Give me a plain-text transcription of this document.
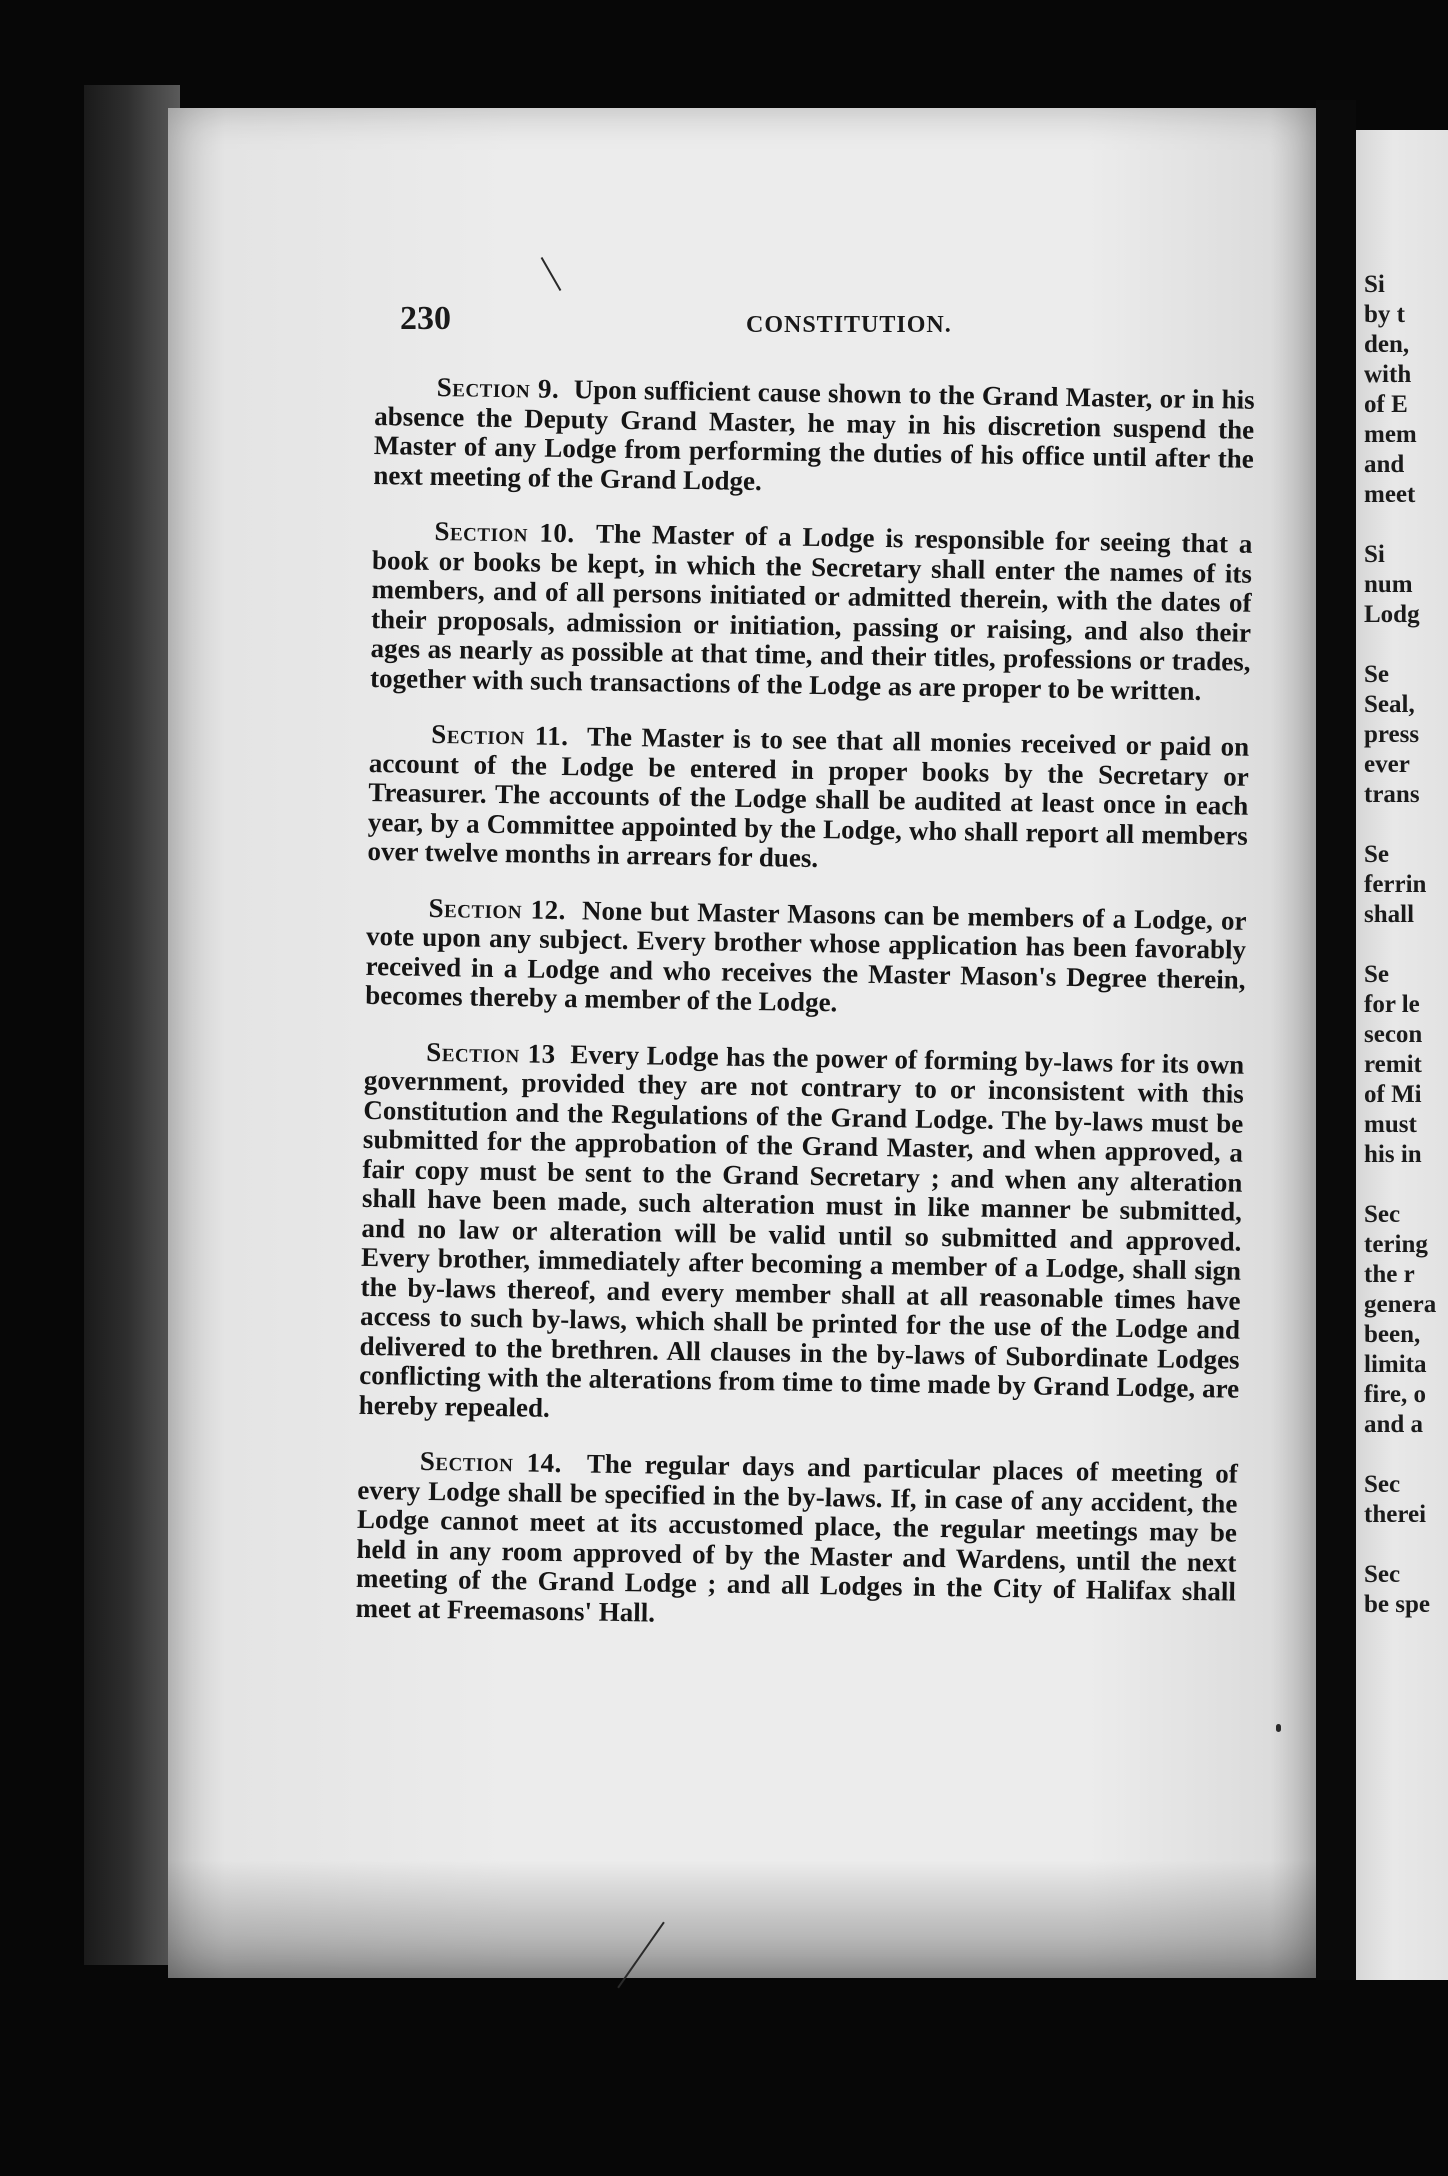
Si
by t
den,
with
of E
mem
and
meet
Si
num
Lodg
Se
Seal,
press
ever
trans
Se
ferrin
shall
Se
for le
secon
remit
of Mi
must
his in
Sec
tering
the r
genera
been,
limita
fire, o
and a
Sec
therei
Sec
be spe
230	CONSTITUTION.

Section 9. Upon sufficient cause shown to the Grand Master, or in his absence the Deputy Grand Master, he may in his discretion suspend the Master of any Lodge from performing the duties of his office until after the next meeting of the Grand Lodge.

Section 10. The Master of a Lodge is responsible for seeing that a book or books be kept, in which the Secretary shall enter the names of its members, and of all persons initiated or admitted therein, with the dates of their proposals, admission or initiation, passing or raising, and also their ages as nearly as possible at that time, and their titles, professions or trades, together with such transactions of the Lodge as are proper to be written.

Section 11. The Master is to see that all monies received or paid on account of the Lodge be entered in proper books by the Secretary or Treasurer. The accounts of the Lodge shall be audited at least once in each year, by a Committee appointed by the Lodge, who shall report all members over twelve months in arrears for dues.

Section 12. None but Master Masons can be members of a Lodge, or vote upon any subject. Every brother whose application has been favorably received in a Lodge and who receives the Master Mason's Degree therein, becomes thereby a member of the Lodge.

Section 13 Every Lodge has the power of forming by-laws for its own government, provided they are not contrary to or inconsistent with this Constitution and the Regulations of the Grand Lodge. The by-laws must be submitted for the approbation of the Grand Master, and when approved, a fair copy must be sent to the Grand Secretary ; and when any alteration shall have been made, such alteration must in like manner be submitted, and no law or alteration will be valid until so submitted and approved. Every brother, immediately after becoming a member of a Lodge, shall sign the by-laws thereof, and every member shall at all reasonable times have access to such by-laws, which shall be printed for the use of the Lodge and delivered to the brethren. All clauses in the by-laws of Subordinate Lodges conflicting with the alterations from time to time made by Grand Lodge, are hereby repealed.

Section 14. The regular days and particular places of meeting of every Lodge shall be specified in the by-laws. If, in case of any accident, the Lodge cannot meet at its accustomed place, the regular meetings may be held in any room approved of by the Master and Wardens, until the next meeting of the Grand Lodge ; and all Lodges in the City of Halifax shall meet at Freemasons' Hall.
